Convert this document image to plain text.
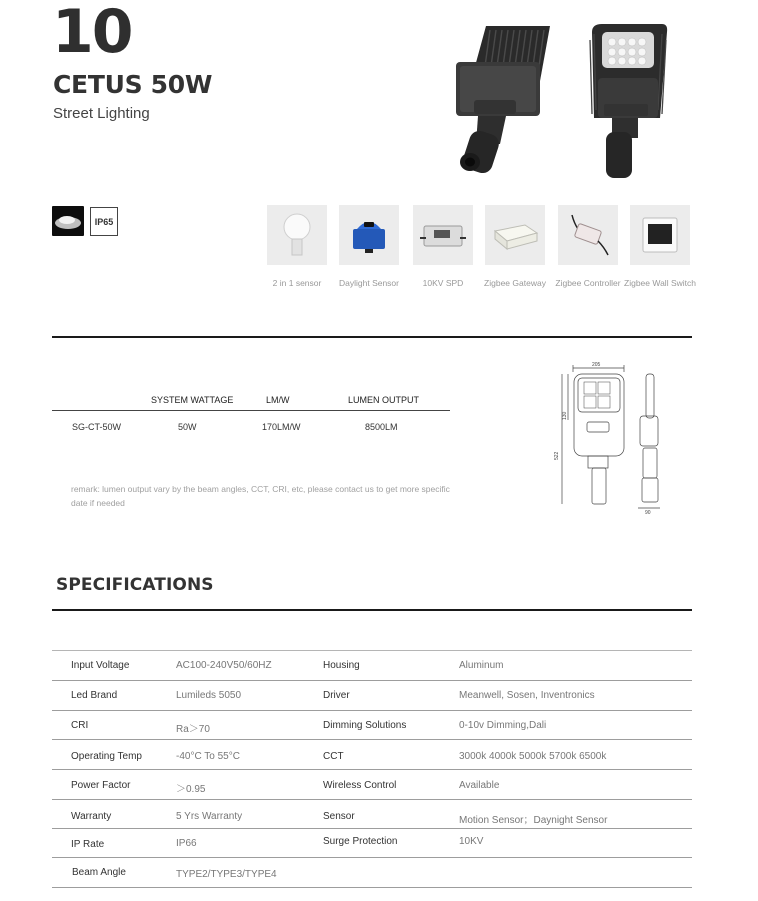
10
CETUS 50W
Street Lighting
IP65
2 in 1 sensor Daylight Sensor	10KV SPD Zigbee Gateway Zigbee Controller Zigbee Wall Switch
SYSTEM WATTAGE	LM/W	LUMEN OUTPUT
SG-CT-50W	50W	170LM/W	8500LM
remark: lumen output vary by the beam angles, CCT, CRI, etc, please contact us to get more specific date if needed
205
130
522
90
SPECIFICATIONS
Input Voltage	AC100-240V50/60HZ	Housing	Aluminum
Led Brand	Lumileds 5050	Driver	Meanwell, Sosen, Inventronics
CRI	Ra＞70	Dimming Solutions	0-10v Dimming,Dali
Operating Temp	-40°C To 55°C	CCT	3000k 4000k 5000k 5700k 6500k
Power Factor	＞0.95	Wireless Control	Available
Warranty	5 Yrs Warranty	Sensor	Motion Sensor；Daynight Sensor
IP Rate	IP66	Surge Protection	10KV
Beam Angle	TYPE2/TYPE3/TYPE4
